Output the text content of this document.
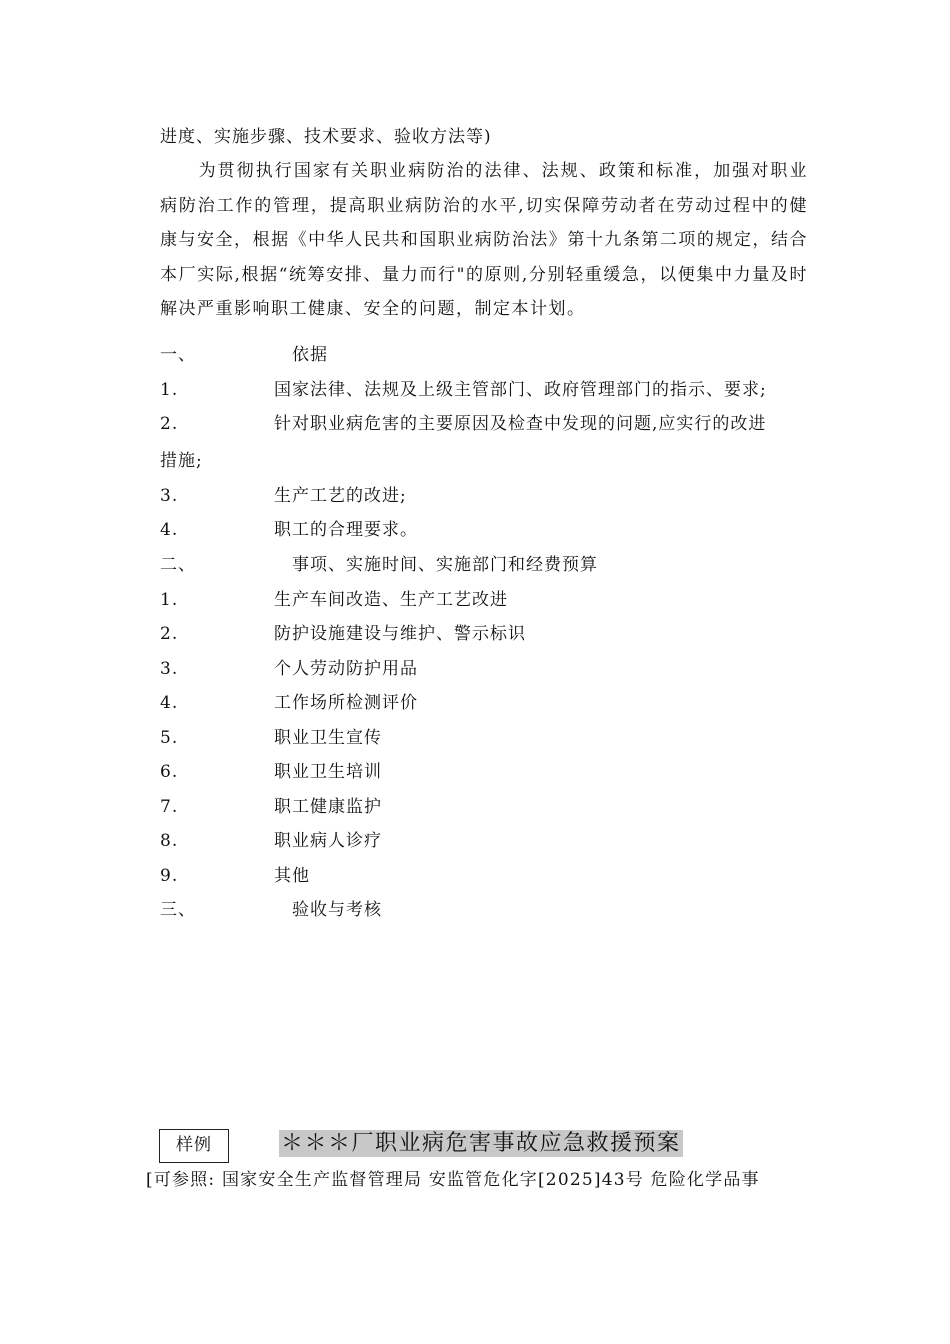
进度、实施步骤、技术要求、验收方法等)
为贯彻执行国家有关职业病防治的法律、法规、政策和标准，加强对职业病防治工作的管理，提高职业病防治的水平,切实保障劳动者在劳动过程中的健康与安全，根据《中华人民共和国职业病防治法》第十九条第二项的规定，结合本厂实际,根据“统筹安排、量力而行"的原则,分别轻重缓急，以便集中力量及时解决严重影响职工健康、安全的问题，制定本计划。
一、	依据
1.	国家法律、法规及上级主管部门、政府管理部门的指示、要求;
2.	针对职业病危害的主要原因及检查中发现的问题,应实行的改进
措施;
3.	生产工艺的改进;
4.	职工的合理要求。
二、	事项、实施时间、实施部门和经费预算
1.	生产车间改造、生产工艺改进
2.	防护设施建设与维护、警示标识
3.	个人劳动防护用品
4.	工作场所检测评价
5.	职业卫生宣传
6.	职业卫生培训
7.	职工健康监护
8.	职业病人诊疗
9.	其他
三、	验收与考核
样例	＊＊＊厂职业病危害事故应急救援预案
[可参照: 国家安全生产监督管理局 安监管危化字[2025]43号 危险化学品事
